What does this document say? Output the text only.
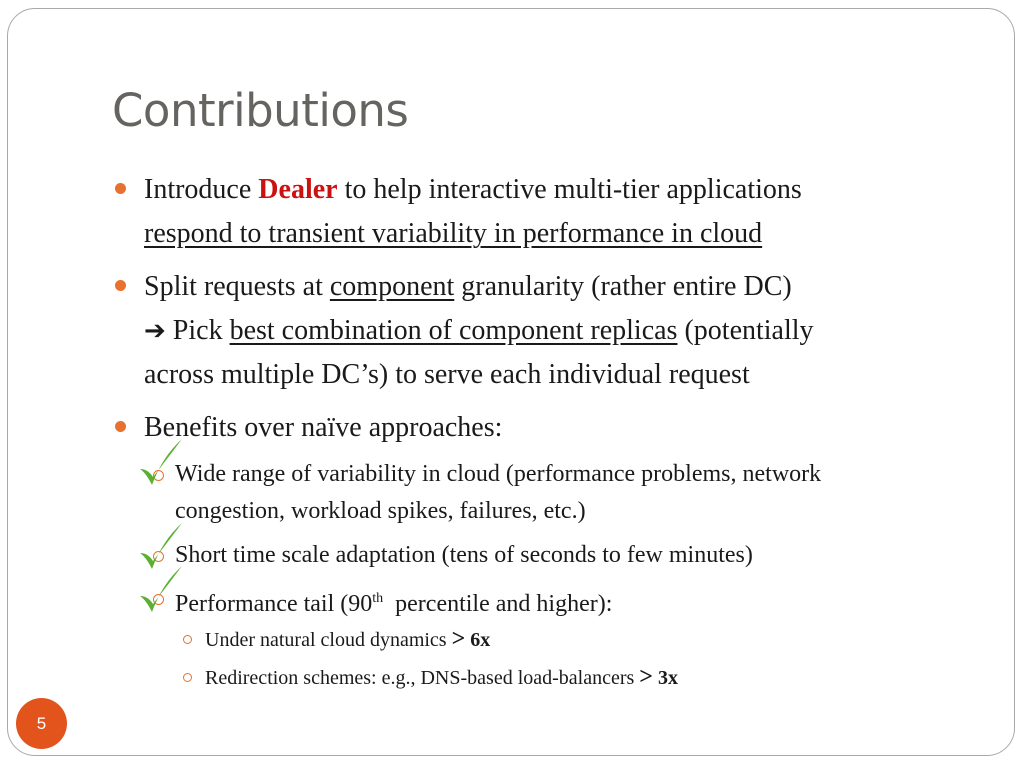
Contributions
Introduce Dealer to help interactive multi-tier applications
respond to transient variability in performance in cloud
Split requests at component granularity (rather entire DC)
➔ Pick best combination of component replicas (potentially
across multiple DC’s) to serve each individual request
Benefits over naïve approaches:
Wide range of variability in cloud (performance problems, network
congestion, workload spikes, failures, etc.)
Short time scale adaptation (tens of seconds to few minutes)
Performance tail (90th  percentile and higher):
Under natural cloud dynamics > 6x
Redirection schemes: e.g., DNS-based load-balancers > 3x
5
